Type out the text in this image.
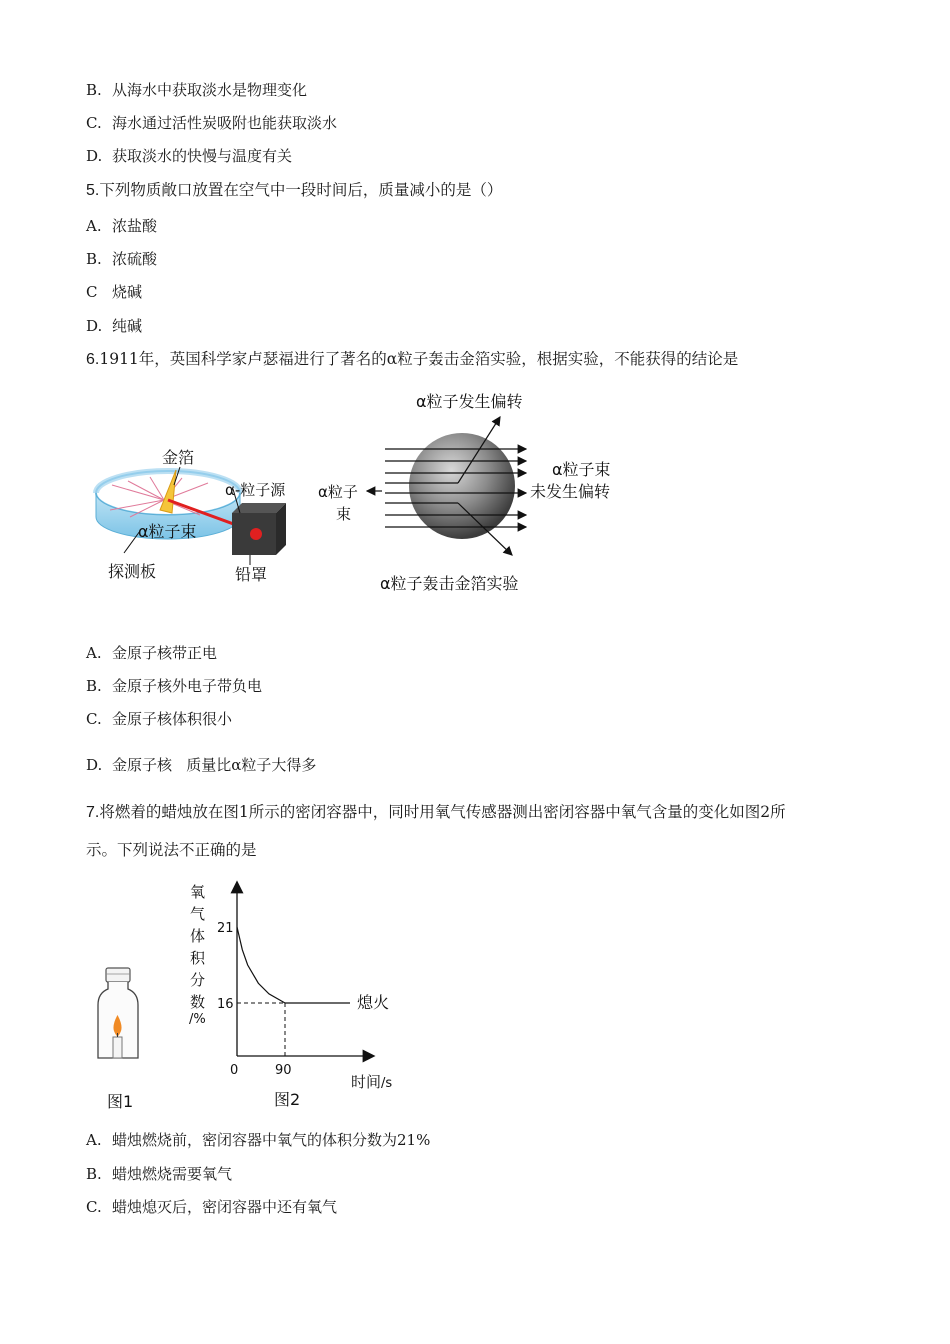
B. 从海水中获取淡水是物理变化
C. 海水通过活性炭吸附也能获取淡水
D. 获取淡水的快慢与温度有关
5.下列物质敞口放置在空气中一段时间后，质量减小的是（）
A. 浓盐酸
B. 浓硫酸
C 烧碱
D. 纯碱
6.1911年，英国科学家卢瑟福进行了著名的α粒子轰击金箔实验，根据实验，不能获得的结论是
金箔
α-粒子源
α粒子束
探测板	铅罩
α粒子
束
α粒子发生偏转
α粒子束
未发生偏转
α粒子轰击金箔实验
A. 金原子核带正电
B. 金原子核外电子带负电
C. 金原子核体积很小
D. 金原子核   质量比α粒子大得多
7.将燃着的蜡烛放在图1所示的密闭容器中，同时用氧气传感器测出密闭容器中氧气含量的变化如图2所
示。下列说法不正确的是
图1
氧
气
体
积
分
数
/%
21
16
0	90
熄火
时间/s
图2
A. 蜡烛燃烧前，密闭容器中氧气的体积分数为21%
B. 蜡烛燃烧需要氧气
C. 蜡烛熄灭后，密闭容器中还有氧气
